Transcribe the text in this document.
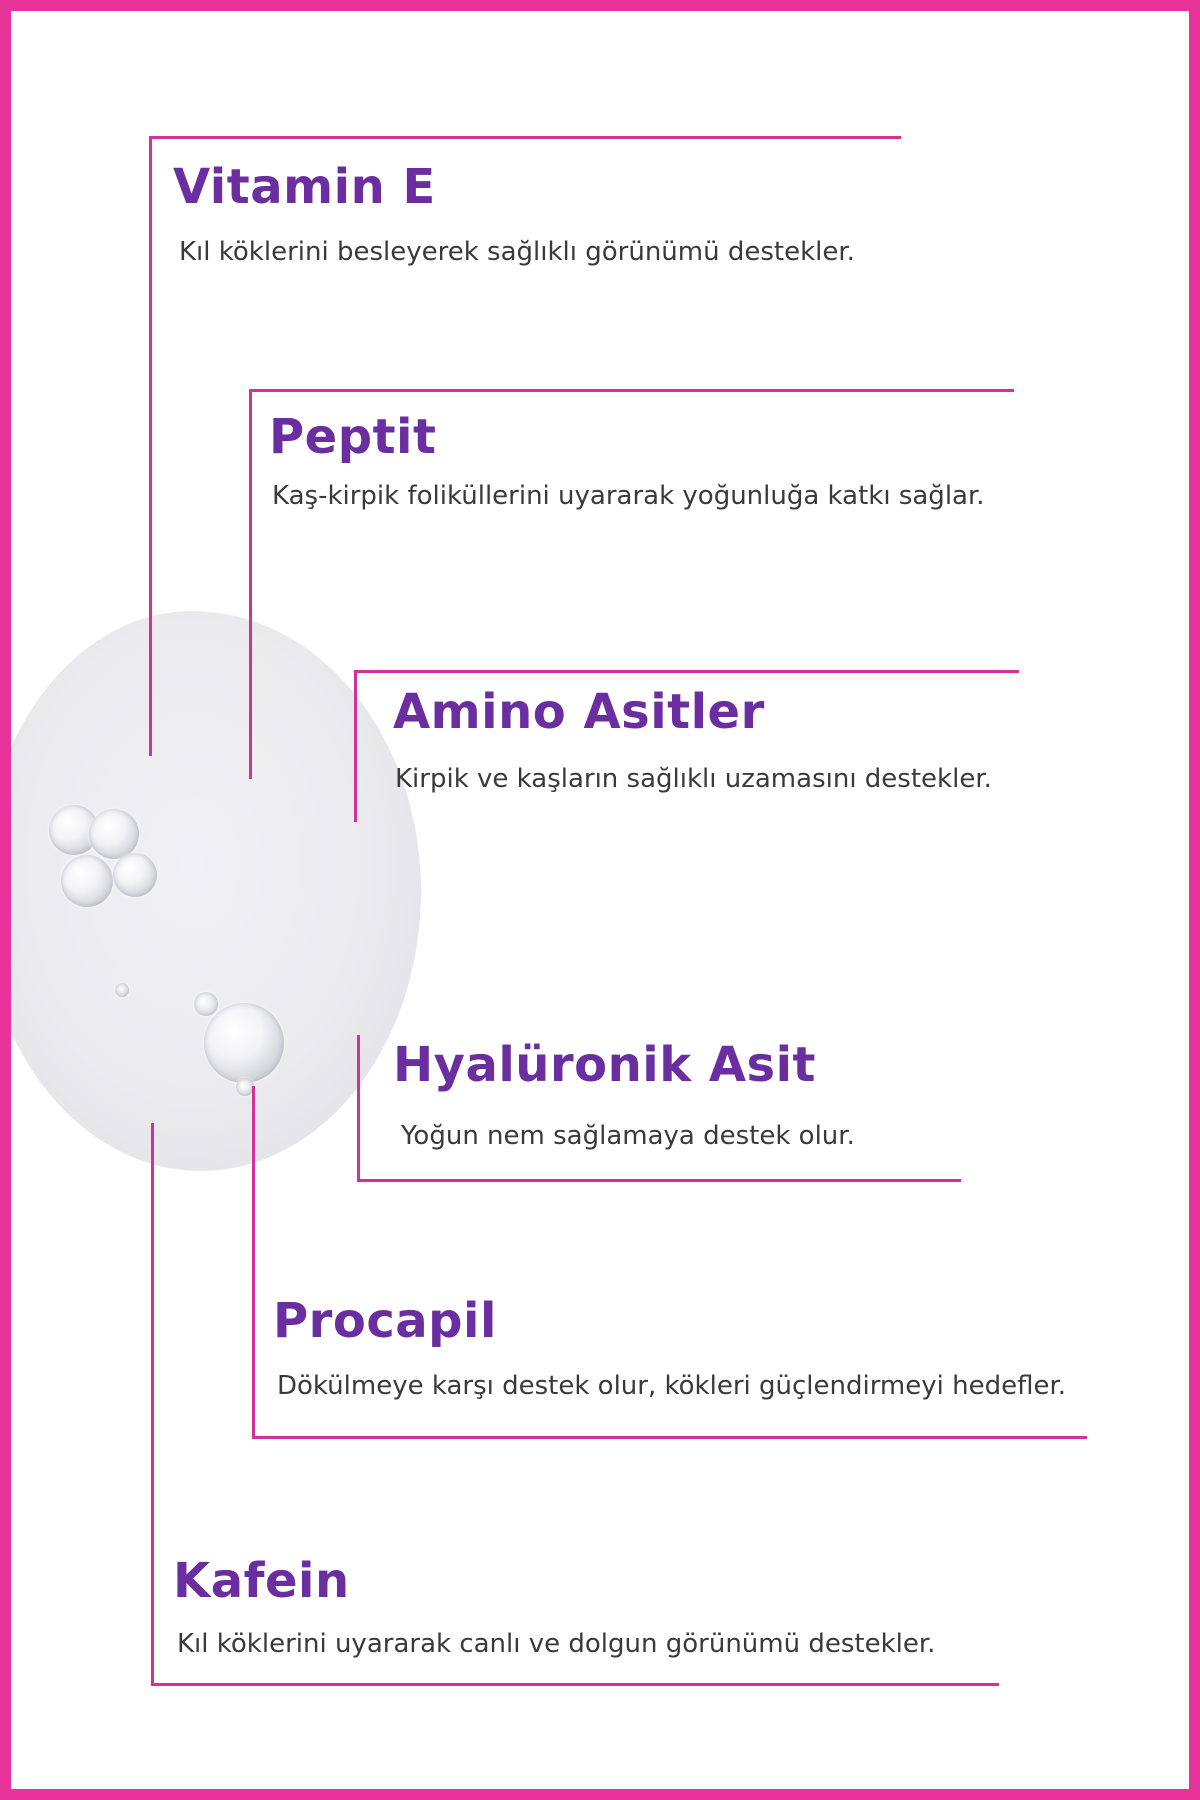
Vitamin E

Kıl köklerini besleyerek sağlıklı görünümü destekler.

Peptit

Kaş-kirpik foliküllerini uyararak yoğunluğa katkı sağlar.

Amino Asitler

Kirpik ve kaşların sağlıklı uzamasını destekler.

Hyalüronik Asit

Yoğun nem sağlamaya destek olur.

Procapil

Dökülmeye karşı destek olur, kökleri güçlendirmeyi hedefler.

Kafein

Kıl köklerini uyararak canlı ve dolgun görünümü destekler.
